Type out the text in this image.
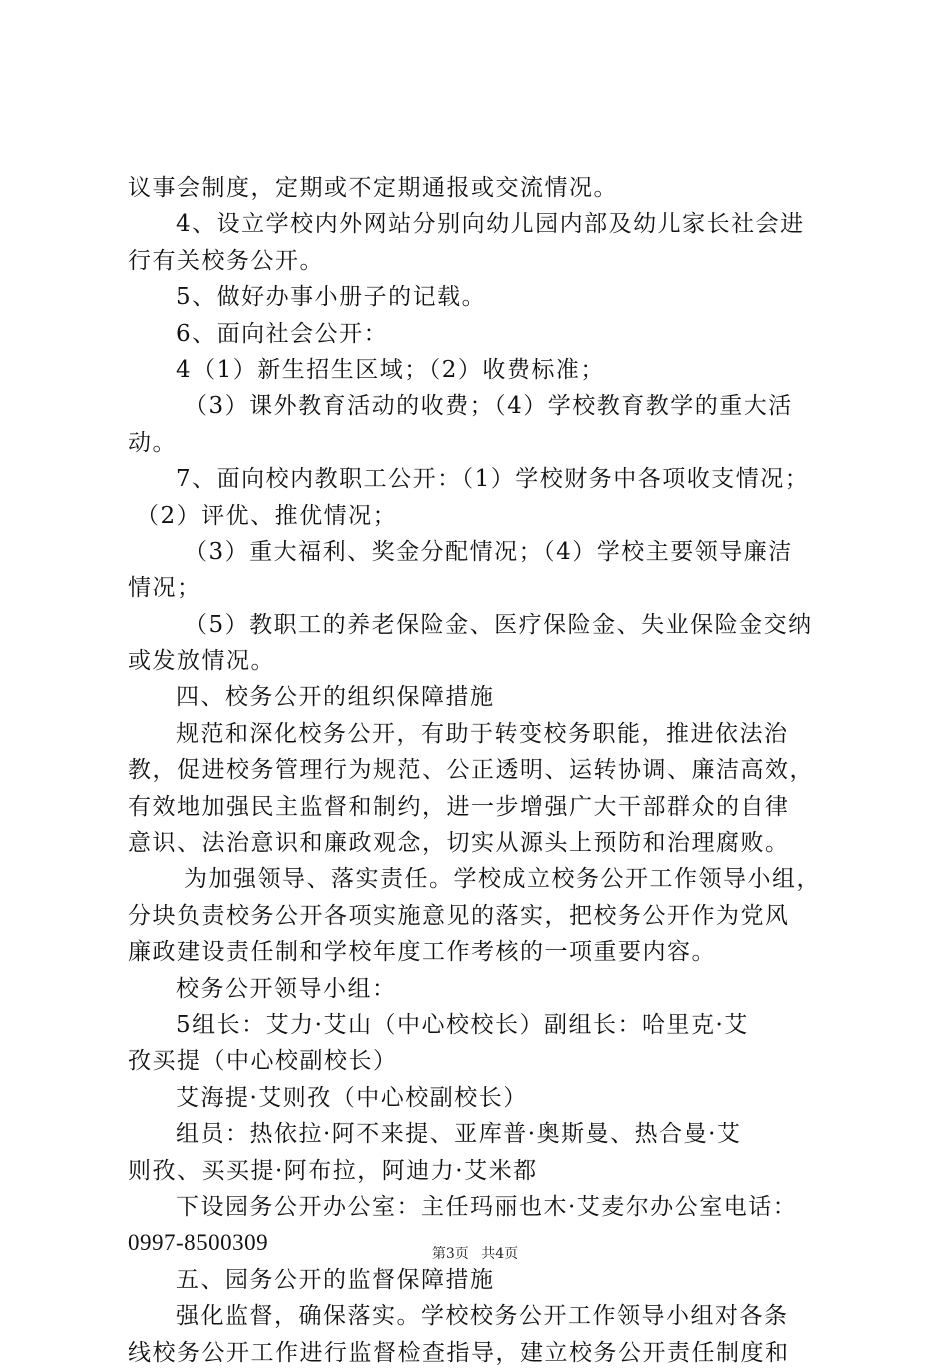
议事会制度，定期或不定期通报或交流情况。
4、设立学校内外网站分别向幼儿园内部及幼儿家长社会进
行有关校务公开。
5、做好办事小册子的记载。
6、面向社会公开：
4（1）新生招生区域；（2）收费标准；
（3）课外教育活动的收费；（4）学校教育教学的重大活
动。
7、面向校内教职工公开：（1）学校财务中各项收支情况；
（2）评优、推优情况；
（3）重大福利、奖金分配情况；（4）学校主要领导廉洁
情况；
（5）教职工的养老保险金、医疗保险金、失业保险金交纳
或发放情况。
四、校务公开的组织保障措施
规范和深化校务公开，有助于转变校务职能，推进依法治
教，促进校务管理行为规范、公正透明、运转协调、廉洁高效，
有效地加强民主监督和制约，进一步增强广大干部群众的自律
意识、法治意识和廉政观念，切实从源头上预防和治理腐败。
为加强领导、落实责任。学校成立校务公开工作领导小组，
分块负责校务公开各项实施意见的落实，把校务公开作为党风
廉政建设责任制和学校年度工作考核的一项重要内容。
校务公开领导小组：
5组长：艾力·艾山（中心校校长）副组长：哈里克·艾
孜买提（中心校副校长）
艾海提·艾则孜（中心校副校长）
组员：热依拉·阿不来提、亚库普·奥斯曼、热合曼·艾
则孜、买买提·阿布拉，阿迪力·艾米都
下设园务公开办公室：主任玛丽也木·艾麦尔办公室电话：
0997-8500309
五、园务公开的监督保障措施
强化监督，确保落实。学校校务公开工作领导小组对各条
线校务公开工作进行监督检查指导，建立校务公开责任制度和
第3页 共4页
